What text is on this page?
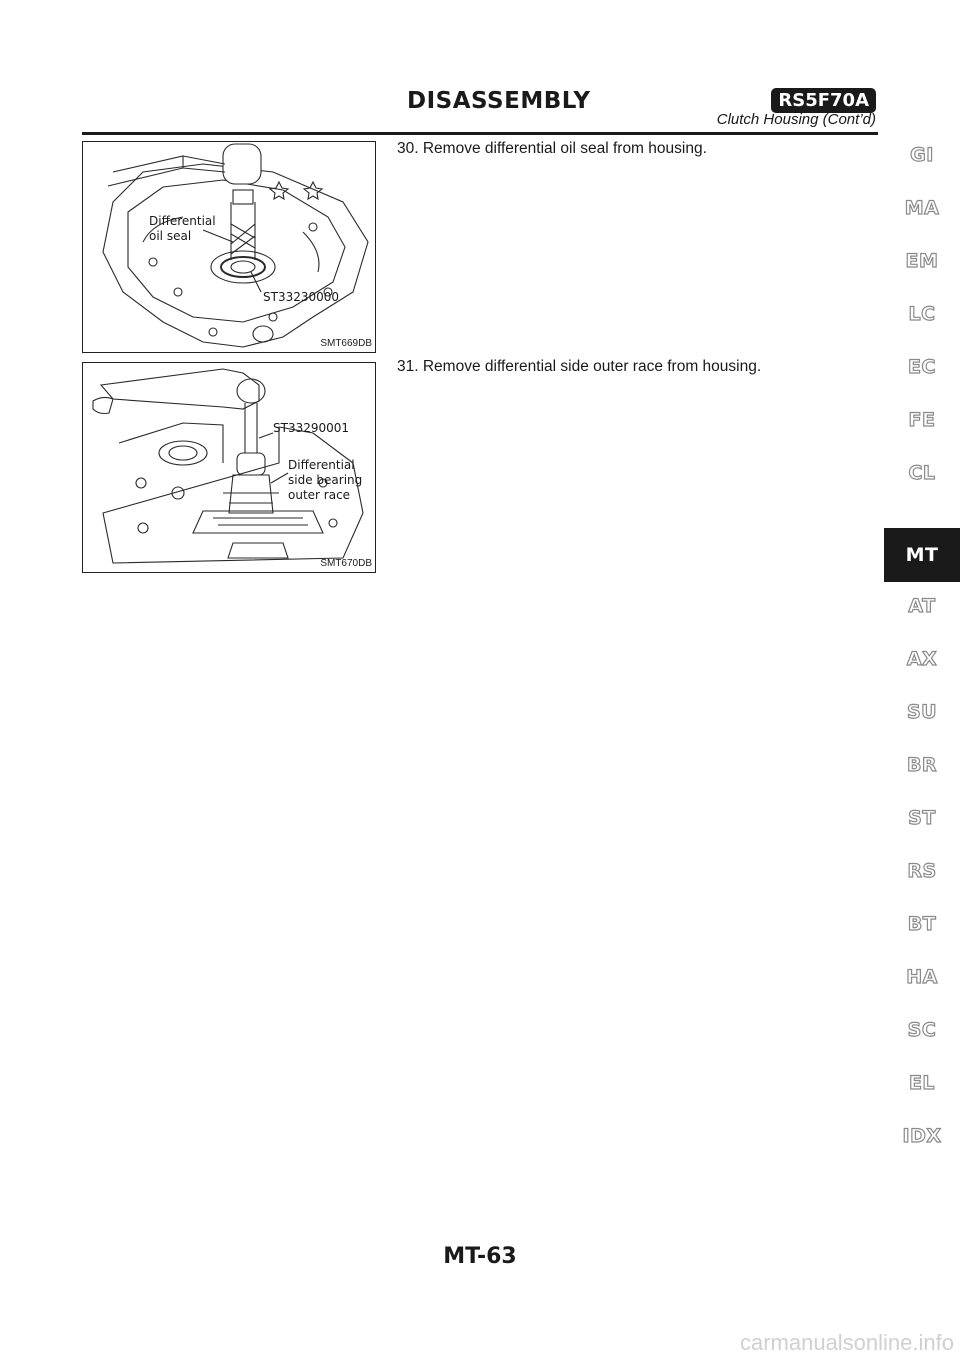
DISASSEMBLY	RS5F70A
Clutch Housing (Cont’d)
Differential
oil seal
ST33230000
SMT669DB
30. Remove differential oil seal from housing.
ST33290001
Differential
side bearing
outer race
SMT670DB
31. Remove differential side outer race from housing.
GI
MA
EM
LC
EC
FE
CL
MT
AT
AX
SU
BR
ST
RS
BT
HA
SC
EL
IDX
MT-63
carmanualsonline.info
